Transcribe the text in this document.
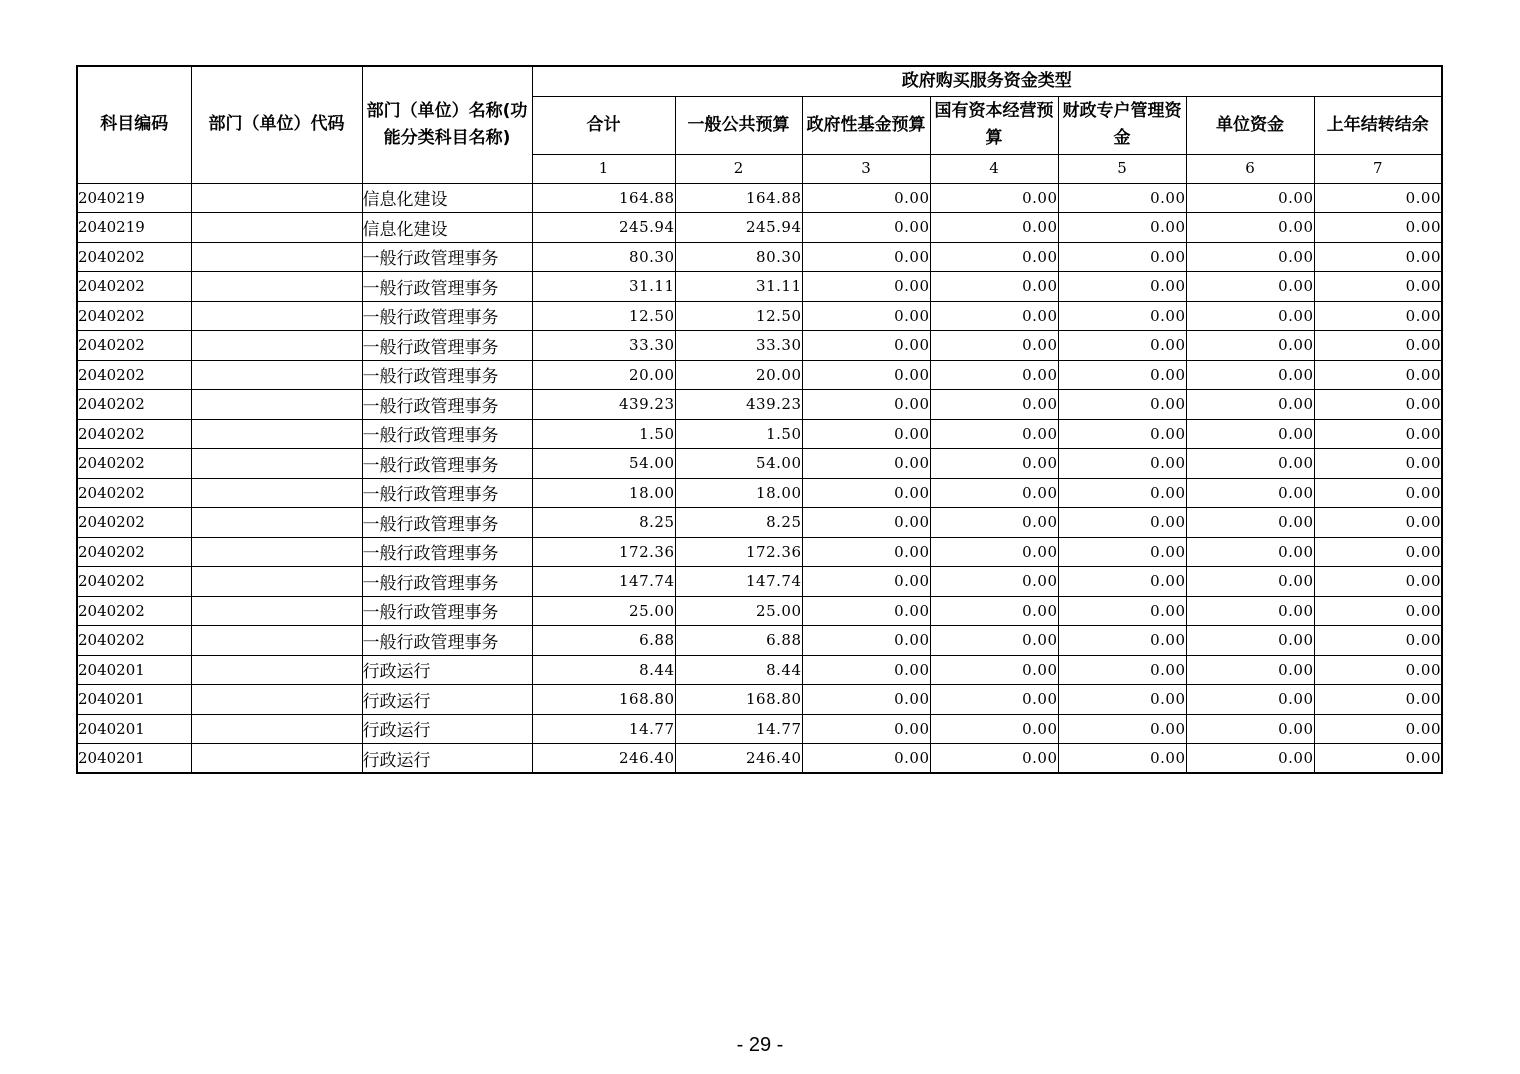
科目编码	部门（单位）代码	部门（单位）名称(功能分类科目名称)	政府购买服务资金类型						
			合计	一般公共预算	政府性基金预算	国有资本经营预算	财政专户管理资金	单位资金	上年结转结余
			1	2	3	4	5	6	7
2040219		信息化建设	164.88	164.88	0.00	0.00	0.00	0.00	0.00
2040219		信息化建设	245.94	245.94	0.00	0.00	0.00	0.00	0.00
2040202		一般行政管理事务	80.30	80.30	0.00	0.00	0.00	0.00	0.00
2040202		一般行政管理事务	31.11	31.11	0.00	0.00	0.00	0.00	0.00
2040202		一般行政管理事务	12.50	12.50	0.00	0.00	0.00	0.00	0.00
2040202		一般行政管理事务	33.30	33.30	0.00	0.00	0.00	0.00	0.00
2040202		一般行政管理事务	20.00	20.00	0.00	0.00	0.00	0.00	0.00
2040202		一般行政管理事务	439.23	439.23	0.00	0.00	0.00	0.00	0.00
2040202		一般行政管理事务	1.50	1.50	0.00	0.00	0.00	0.00	0.00
2040202		一般行政管理事务	54.00	54.00	0.00	0.00	0.00	0.00	0.00
2040202		一般行政管理事务	18.00	18.00	0.00	0.00	0.00	0.00	0.00
2040202		一般行政管理事务	8.25	8.25	0.00	0.00	0.00	0.00	0.00
2040202		一般行政管理事务	172.36	172.36	0.00	0.00	0.00	0.00	0.00
2040202		一般行政管理事务	147.74	147.74	0.00	0.00	0.00	0.00	0.00
2040202		一般行政管理事务	25.00	25.00	0.00	0.00	0.00	0.00	0.00
2040202		一般行政管理事务	6.88	6.88	0.00	0.00	0.00	0.00	0.00
2040201		行政运行	8.44	8.44	0.00	0.00	0.00	0.00	0.00
2040201		行政运行	168.80	168.80	0.00	0.00	0.00	0.00	0.00
2040201		行政运行	14.77	14.77	0.00	0.00	0.00	0.00	0.00
2040201		行政运行	246.40	246.40	0.00	0.00	0.00	0.00	0.00
- 29 -
